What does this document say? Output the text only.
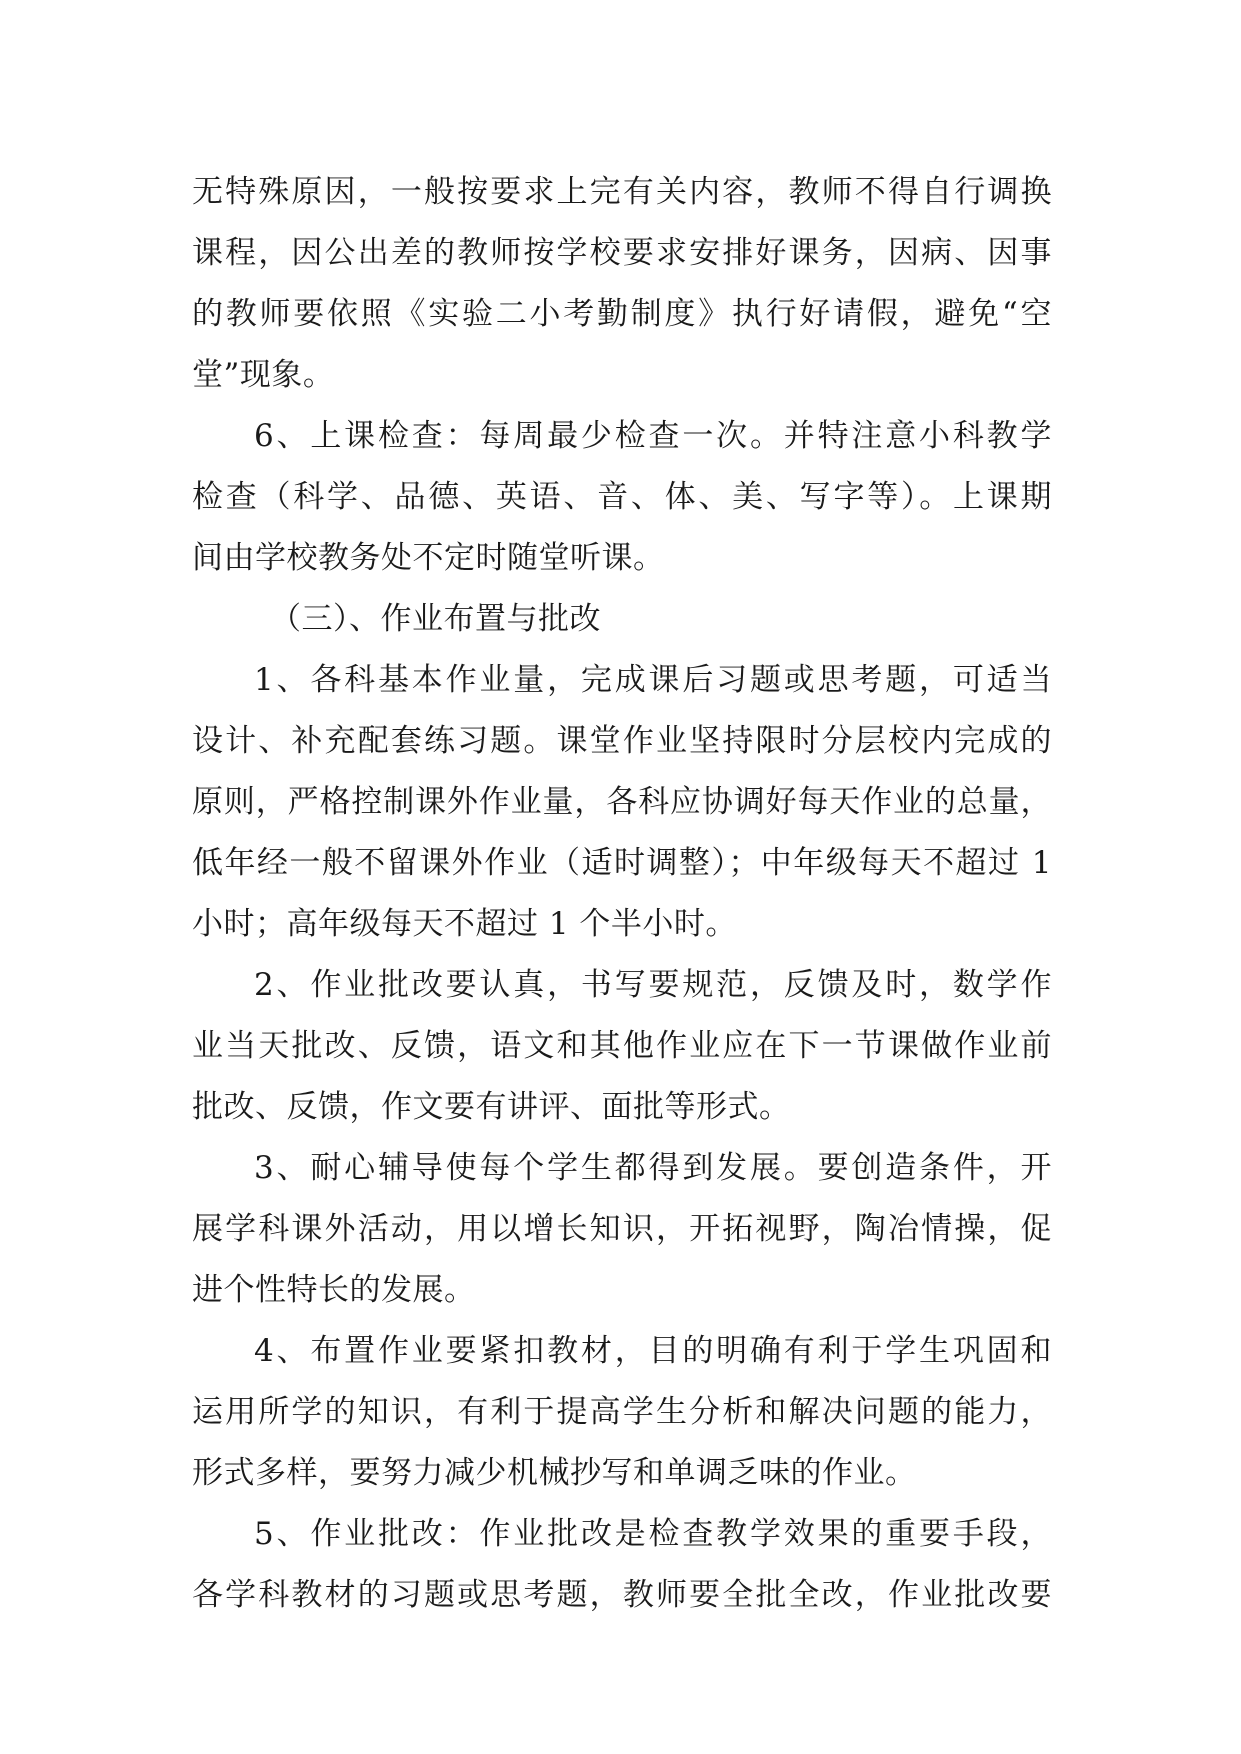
无特殊原因，一般按要求上完有关内容，教师不得自行调换
课程，因公出差的教师按学校要求安排好课务，因病、因事
的教师要依照《实验二小考勤制度》执行好请假，避免“空
堂”现象。
6、上课检查：每周最少检查一次。并特注意小科教学
检查（科学、品德、英语、音、体、美、写字等）。上课期
间由学校教务处不定时随堂听课。
（三）、作业布置与批改
1、各科基本作业量，完成课后习题或思考题，可适当
设计、补充配套练习题。课堂作业坚持限时分层校内完成的
原则，严格控制课外作业量，各科应协调好每天作业的总量，
低年经一般不留课外作业（适时调整）；中年级每天不超过 1
小时；高年级每天不超过 1 个半小时。
2、作业批改要认真，书写要规范，反馈及时，数学作
业当天批改、反馈，语文和其他作业应在下一节课做作业前
批改、反馈，作文要有讲评、面批等形式。
3、耐心辅导使每个学生都得到发展。要创造条件，开
展学科课外活动，用以增长知识，开拓视野，陶冶情操，促
进个性特长的发展。
4、布置作业要紧扣教材，目的明确有利于学生巩固和
运用所学的知识，有利于提高学生分析和解决问题的能力，
形式多样，要努力减少机械抄写和单调乏味的作业。
5、作业批改：作业批改是检查教学效果的重要手段，
各学科教材的习题或思考题，教师要全批全改，作业批改要
